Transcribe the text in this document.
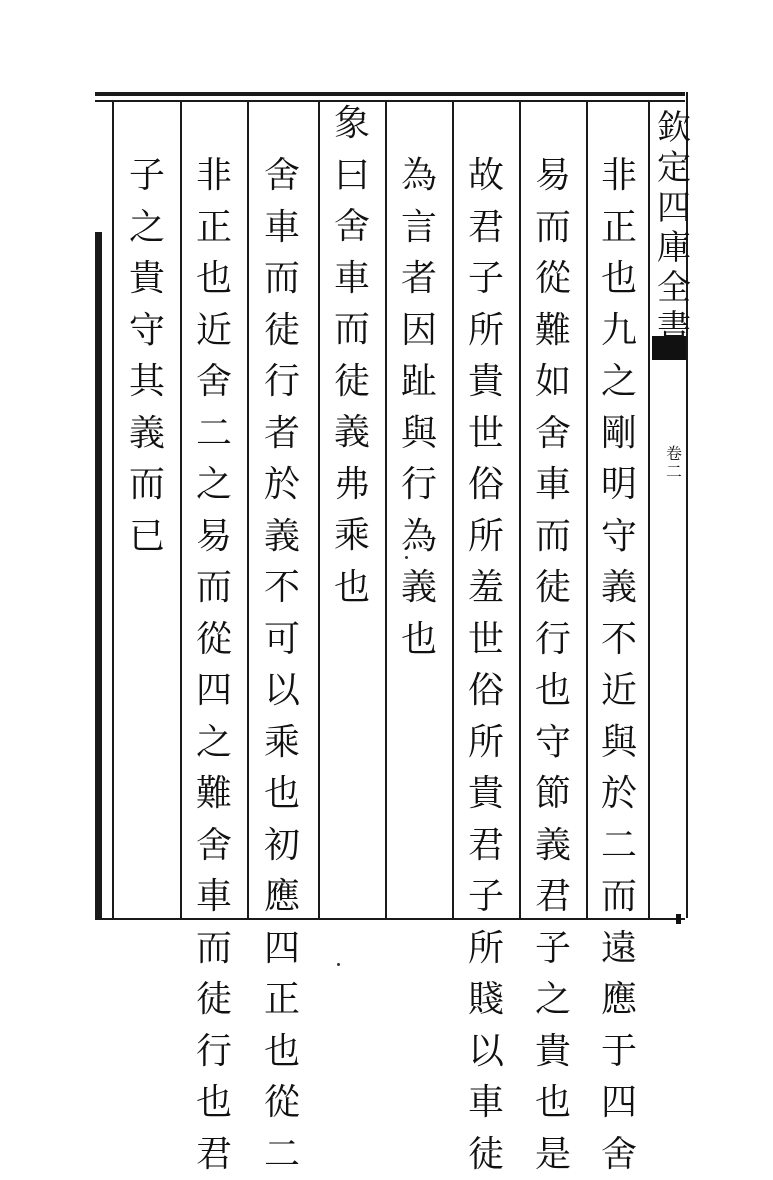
欽定四庫全書
卷二
非正也九之剛明守義不近與於二而遠應于四舍
易而從難如舍車而徒行也守節義君子之貴也是
故君子所貴世俗所羞世俗所貴君子所賤以車徒
為言者因趾與行為義也
象曰舍車而徒義弗乘也
舍車而徒行者於義不可以乘也初應四正也從二
非正也近舍二之易而從四之難舍車而徒行也君
子之貴守其義而已
